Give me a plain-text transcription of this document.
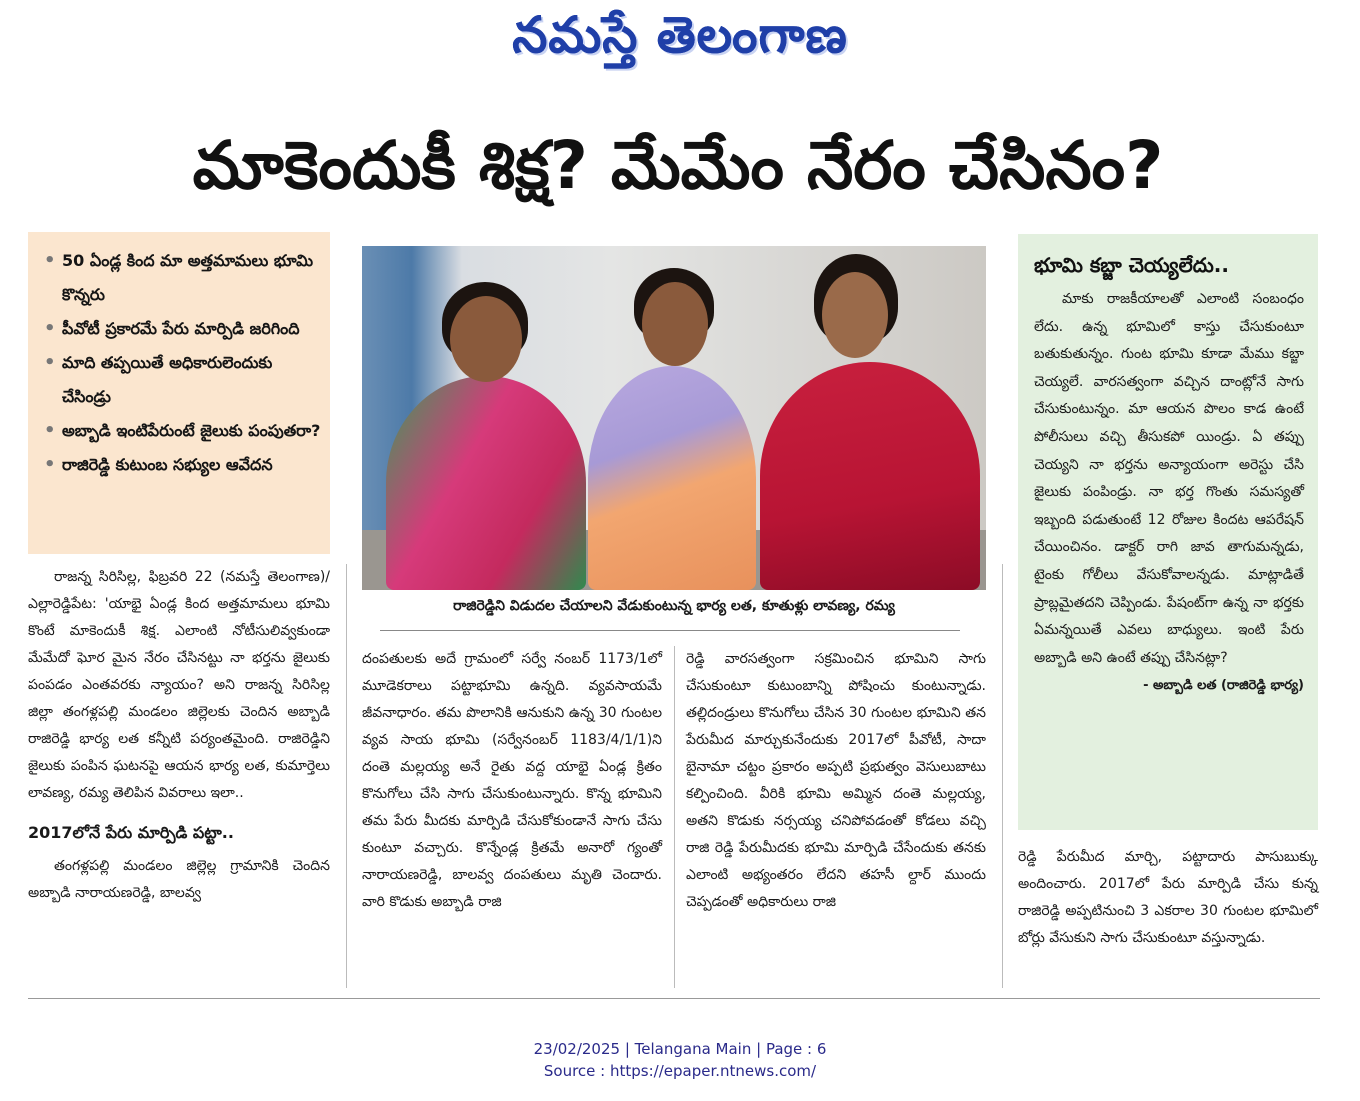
నమస్తే తెలంగాణ
మాకెందుకీ శిక్ష? మేమేం నేరం చేసినం?
• 50 ఏండ్ల కింద మా అత్తమామలు భూమి కొన్నరు
• పీవోటీ ప్రకారమే పేరు మార్పిడి జరిగింది
• మాది తప్పయితే అధికారులెందుకు చేసిండ్రు
• అబ్బాడి ఇంటిపేరుంటే జైలుకు పంపుతరా?
• రాజిరెడ్డి కుటుంబ సభ్యుల ఆవేదన
రాజిరెడ్డిని విడుదల చేయాలని వేడుకుంటున్న భార్య లత, కూతుళ్లు లావణ్య, రమ్య
భూమి కబ్జా చెయ్యలేదు..

మాకు రాజకీయాలతో ఎలాంటి సంబంధం లేదు. ఉన్న భూమిలో కాస్తు చేసుకుంటూ బతుకుతున్నం. గుంట భూమి కూడా మేము కబ్జా చెయ్యలే. వారసత్వంగా వచ్చిన దాంట్లోనే సాగు చేసుకుంటున్నం. మా ఆయన పొలం కాడ ఉంటే పోలీసులు వచ్చి తీసుకపో యిండ్రు. ఏ తప్పు చెయ్యని నా భర్తను అన్యాయంగా అరెస్టు చేసి జైలుకు పంపిండ్రు. నా భర్త గొంతు సమస్యతో ఇబ్బంది పడుతుంటే 12 రోజుల కిందట ఆపరేషన్ చేయించినం. డాక్టర్ రాగి జావ తాగుమన్నడు, టైంకు గోలీలు వేసుకోవాలన్నడు. మాట్లాడితే ప్రాబ్లమైతదని చెప్పిండు. పేషంట్‌గా ఉన్న నా భర్తకు ఏమన్నయితే ఎవలు బాధ్యులు. ఇంటి పేరు అబ్బాడి అని ఉంటే తప్పు చేసినట్లా?

- అబ్బాడి లత (రాజిరెడ్డి భార్య)

రాజన్న సిరిసిల్ల, ఫిబ్రవరి 22 (నమస్తే తెలంగాణ)/ఎల్లారెడ్డిపేట: 'యాభై ఏండ్ల కింద అత్తమామలు భూమి కొంటే మాకెందుకీ శిక్ష. ఎలాంటి నోటీసులివ్వకుండా మేమేదో ఘోర మైన నేరం చేసినట్టు నా భర్తను జైలుకు పంపడం ఎంతవరకు న్యాయం? అని రాజన్న సిరిసిల్ల జిల్లా తంగళ్లపల్లి మండలం జిల్లెలకు చెందిన అబ్బాడి రాజిరెడ్డి భార్య లత కన్నీటి పర్యంతమైంది. రాజిరెడ్డిని జైలుకు పంపిన ఘటనపై ఆయన భార్య లత, కుమార్తెలు లావణ్య, రమ్య తెలిపిన వివరాలు ఇలా..

2017లోనే పేరు మార్పిడి పట్టా..

తంగళ్లపల్లి మండలం జిల్లెల్ల గ్రామానికి చెందిన అబ్బాడి నారాయణరెడ్డి, బాలవ్వ

దంపతులకు అదే గ్రామంలో సర్వే నంబర్ 1173/1లో మూడెకరాలు పట్టాభూమి ఉన్నది. వ్యవసాయమే జీవనాధారం. తమ పొలానికి ఆనుకుని ఉన్న 30 గుంటల వ్యవ సాయ భూమి (సర్వేనంబర్ 1183/4/1/1)ని దంతె మల్లయ్య అనే రైతు వద్ద యాభై ఏండ్ల క్రితం కొనుగోలు చేసి సాగు చేసుకుంటున్నారు. కొన్న భూమిని తమ పేరు మీదకు మార్పిడి చేసుకోకుండానే సాగు చేసు కుంటూ వచ్చారు. కొన్నేండ్ల క్రితమే అనారో గ్యంతో నారాయణరెడ్డి, బాలవ్వ దంపతులు మృతి చెందారు. వారి కొడుకు అబ్బాడి రాజి

రెడ్డి వారసత్వంగా సక్రమించిన భూమిని సాగు చేసుకుంటూ కుటుంబాన్ని పోషించు కుంటున్నాడు. తల్లిదండ్రులు కొనుగోలు చేసిన 30 గుంటల భూమిని తన పేరుమీద మార్చుకునేందుకు 2017లో పీవోటీ, సాదా బైనామా చట్టం ప్రకారం అప్పటి ప్రభుత్వం వెసులుబాటు కల్పించింది. వీరికి భూమి అమ్మిన దంతె మల్లయ్య, అతని కొడుకు నర్సయ్య చనిపోవడంతో కోడలు వచ్చి రాజి రెడ్డి పేరుమీదకు భూమి మార్పిడి చేసేందుకు తనకు ఎలాంటి అభ్యంతరం లేదని తహసీ ల్దార్ ముందు చెప్పడంతో అధికారులు రాజి

రెడ్డి పేరుమీద మార్చి, పట్టాదారు పాసుబుక్కు అందించారు. 2017లో పేరు మార్పిడి చేసు కున్న రాజిరెడ్డి అప్పటినుంచి 3 ఎకరాల 30 గుంటల భూమిలో బోర్లు వేసుకుని సాగు చేసుకుంటూ వస్తున్నాడు.

23/02/2025 | Telangana Main | Page : 6
Source : https://epaper.ntnews.com/
